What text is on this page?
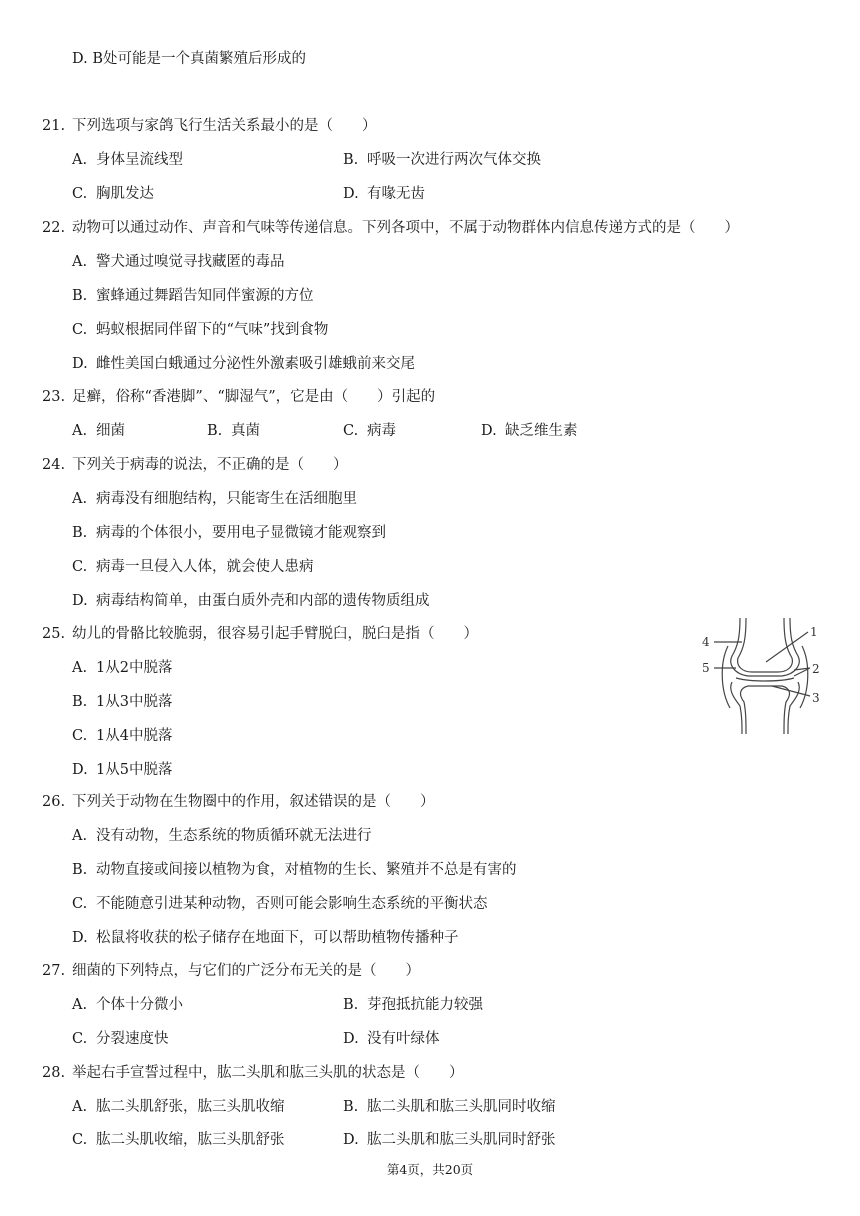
D. B处可能是一个真菌繁殖后形成的
21. 下列选项与家鸽飞行生活关系最小的是（　　）
A. 身体呈流线型	B. 呼吸一次进行两次气体交换
C. 胸肌发达	D. 有喙无齿
22. 动物可以通过动作、声音和气味等传递信息。下列各项中，不属于动物群体内信息传递方式的是（　　）
A. 警犬通过嗅觉寻找藏匿的毒品
B. 蜜蜂通过舞蹈告知同伴蜜源的方位
C. 蚂蚁根据同伴留下的“气味”找到食物
D. 雌性美国白蛾通过分泌性外激素吸引雄蛾前来交尾
23. 足癣，俗称“香港脚”、“脚湿气”，它是由（　　）引起的
A. 细菌	B. 真菌	C. 病毒	D. 缺乏维生素
24. 下列关于病毒的说法，不正确的是（　　）
A. 病毒没有细胞结构，只能寄生在活细胞里
B. 病毒的个体很小，要用电子显微镜才能观察到
C. 病毒一旦侵入人体，就会使人患病
D. 病毒结构简单，由蛋白质外壳和内部的遗传物质组成
25. 幼儿的骨骼比较脆弱，很容易引起手臂脱臼，脱臼是指（　　）
A. 1从2中脱落
B. 1从3中脱落
C. 1从4中脱落
D. 1从5中脱落
1
2
3
4
5
26. 下列关于动物在生物圈中的作用，叙述错误的是（　　）
A. 没有动物，生态系统的物质循环就无法进行
B. 动物直接或间接以植物为食，对植物的生长、繁殖并不总是有害的
C. 不能随意引进某种动物，否则可能会影响生态系统的平衡状态
D. 松鼠将收获的松子储存在地面下，可以帮助植物传播种子
27. 细菌的下列特点，与它们的广泛分布无关的是（　　）
A. 个体十分微小	B. 芽孢抵抗能力较强
C. 分裂速度快	D. 没有叶绿体
28. 举起右手宣誓过程中，肱二头肌和肱三头肌的状态是（　　）
A. 肱二头肌舒张，肱三头肌收缩	B. 肱二头肌和肱三头肌同时收缩
C. 肱二头肌收缩，肱三头肌舒张	D. 肱二头肌和肱三头肌同时舒张
第4页，共20页
